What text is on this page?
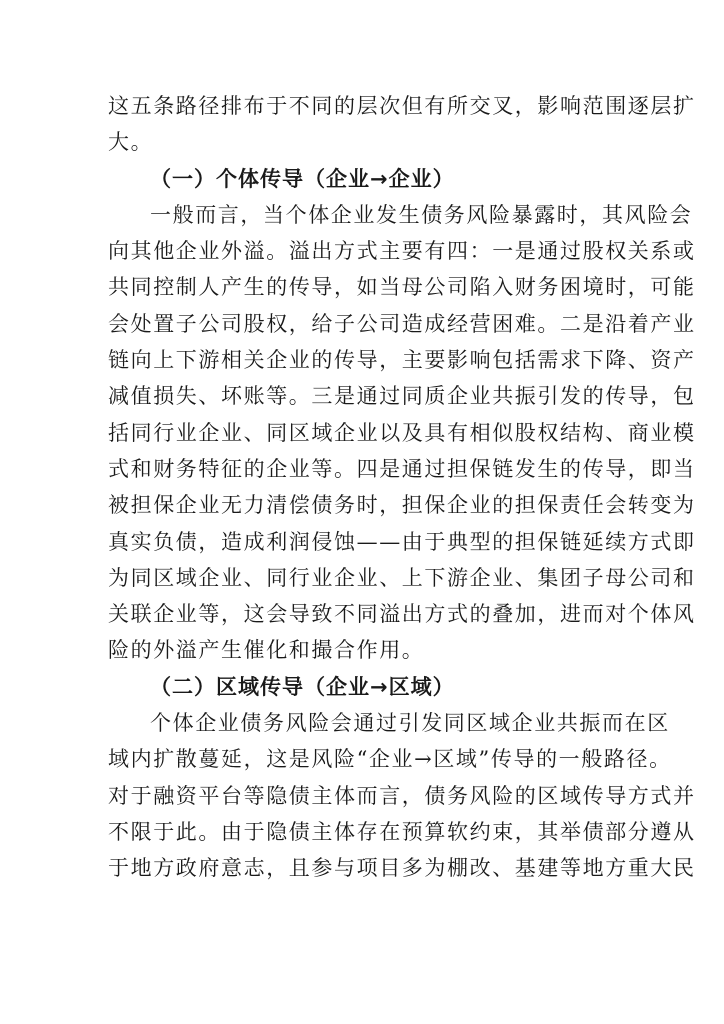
这五条路径排布于不同的层次但有所交叉，影响范围逐层扩
大。
（一）个体传导（企业→企业）
一般而言，当个体企业发生债务风险暴露时，其风险会
向其他企业外溢。溢出方式主要有四：一是通过股权关系或
共同控制人产生的传导，如当母公司陷入财务困境时，可能
会处置子公司股权，给子公司造成经营困难。二是沿着产业
链向上下游相关企业的传导，主要影响包括需求下降、资产
减值损失、坏账等。三是通过同质企业共振引发的传导，包
括同行业企业、同区域企业以及具有相似股权结构、商业模
式和财务特征的企业等。四是通过担保链发生的传导，即当
被担保企业无力清偿债务时，担保企业的担保责任会转变为
真实负债，造成利润侵蚀——由于典型的担保链延续方式即
为同区域企业、同行业企业、上下游企业、集团子母公司和
关联企业等，这会导致不同溢出方式的叠加，进而对个体风
险的外溢产生催化和撮合作用。
（二）区域传导（企业→区域）
个体企业债务风险会通过引发同区域企业共振而在区
域内扩散蔓延，这是风险“企业→区域”传导的一般路径。
对于融资平台等隐债主体而言，债务风险的区域传导方式并
不限于此。由于隐债主体存在预算软约束，其举债部分遵从
于地方政府意志，且参与项目多为棚改、基建等地方重大民
